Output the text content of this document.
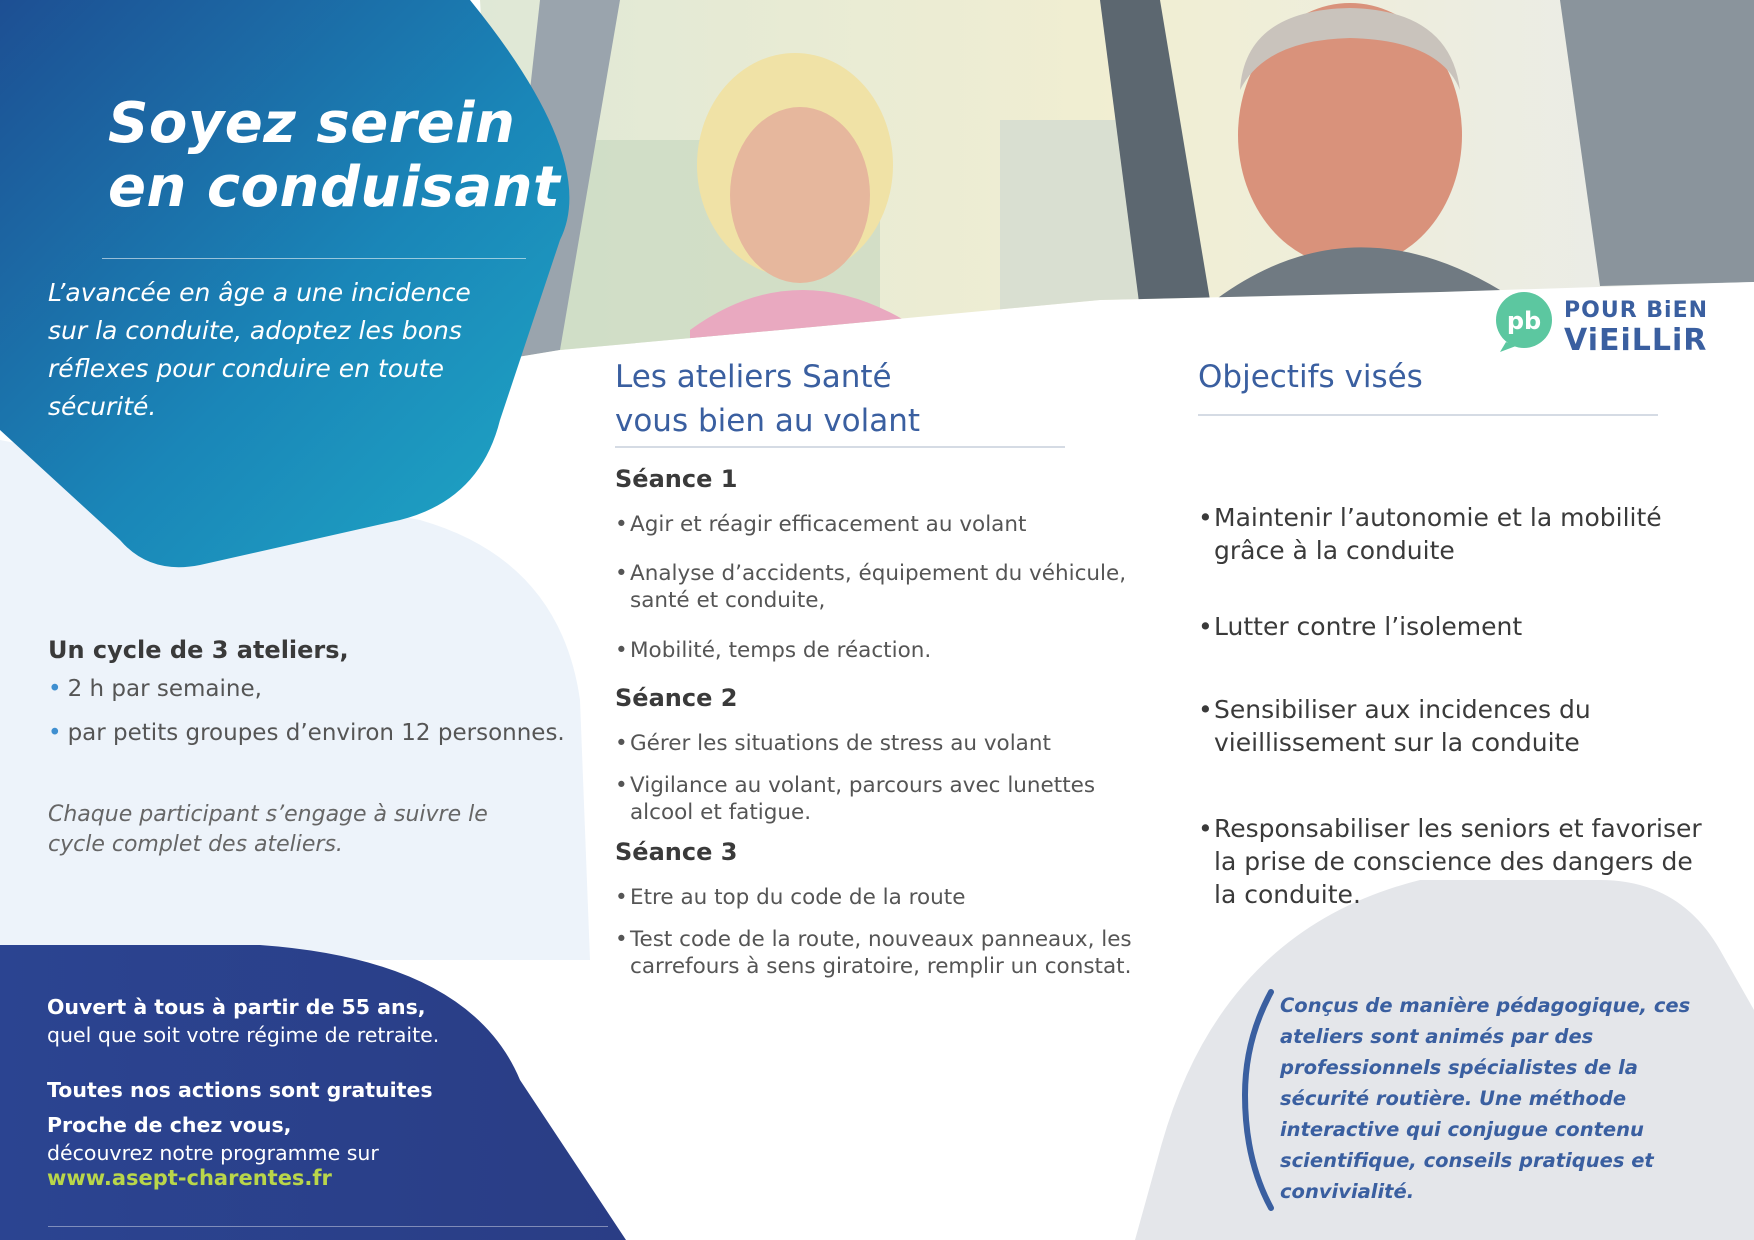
Soyez serein
en conduisant
L’avancée en âge a une incidence sur la conduite, adoptez les bons réflexes pour conduire en toute sécurité.
pb POUR BiEN
ViEiLLiR
Un cycle de 3 ateliers,
• 2 h par semaine,
• par petits groupes d’environ 12 personnes.
Chaque participant s’engage à suivre le cycle complet des ateliers.
Ouvert à tous à partir de 55 ans,
quel que soit votre régime de retraite.
Toutes nos actions sont gratuites
Proche de chez vous,
découvrez notre programme sur
www.asept-charentes.fr
Les ateliers Santé
vous bien au volant
Séance 1
• Agir et réagir efficacement au volant
• Analyse d’accidents, équipement du véhicule, santé et conduite,
• Mobilité, temps de réaction.
Séance 2
• Gérer les situations de stress au volant
• Vigilance au volant, parcours avec lunettes alcool et fatigue.
Séance 3
• Etre au top du code de la route
• Test code de la route, nouveaux panneaux, les carrefours à sens giratoire, remplir un constat.
Objectifs visés
• Maintenir l’autonomie et la mobilité grâce à la conduite
• Lutter contre l’isolement
• Sensibiliser aux incidences du vieillissement sur la conduite
• Responsabiliser les seniors et favoriser la prise de conscience des dangers de la conduite.
Conçus de manière pédagogique, ces ateliers sont animés par des professionnels spécialistes de la sécurité routière. Une méthode interactive qui conjugue contenu scientifique, conseils pratiques et convivialité.
